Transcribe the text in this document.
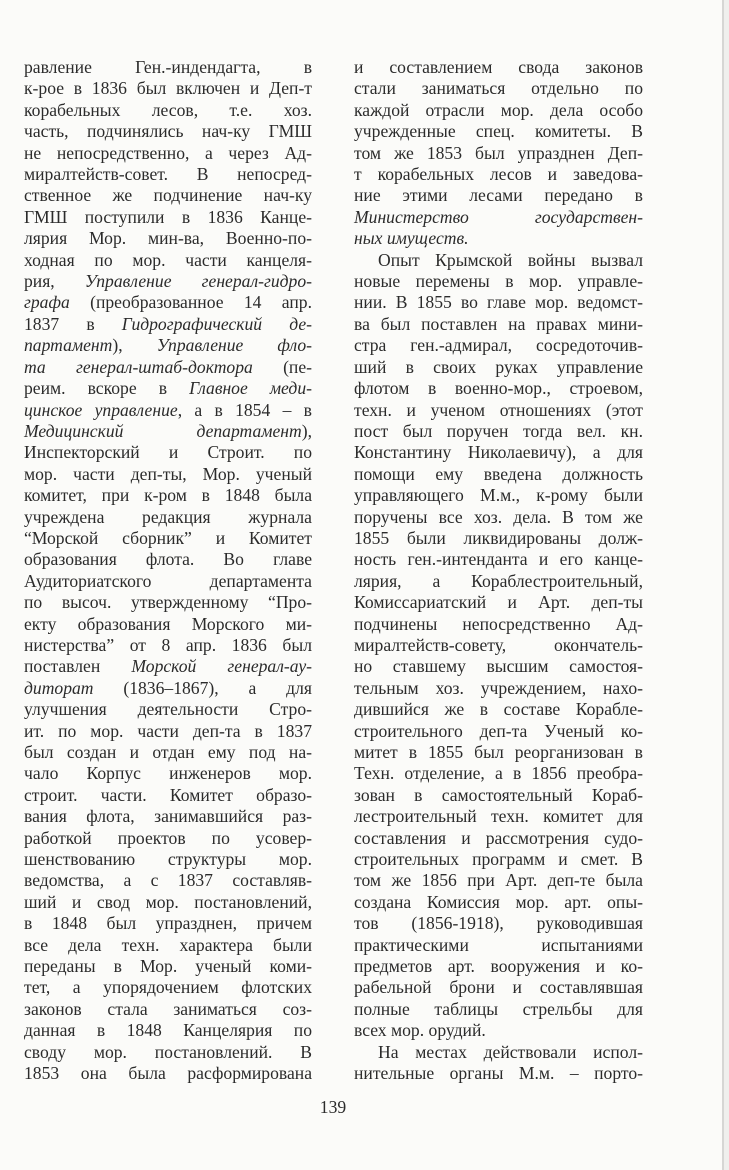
равление Ген.-индендагта, в
к-рое в 1836 был включен и Деп-т
корабельных лесов, т.е. хоз.
часть, подчинялись нач-ку ГМШ
не непосредственно, а через Ад-
миралтейств-совет. В непосред-
ственное же подчинение нач-ку
ГМШ поступили в 1836 Канце-
лярия Мор. мин-ва, Военно-по-
ходная по мор. части канцеля-
рия, Управление генерал-гидро-
графа (преобразованное 14 апр.
1837 в Гидрографический де-
партамент), Управление фло-
та генерал-штаб-доктора (пе-
реим. вскоре в Главное меди-
цинское управление, а в 1854 – в
Медицинский департамент),
Инспекторский и Строит. по
мор. части деп-ты, Мор. ученый
комитет, при к-ром в 1848 была
учреждена редакция журнала
“Морской сборник” и Комитет
образования флота. Во главе
Аудиториатского департамента
по высоч. утвержденному “Про-
екту образования Морского ми-
нистерства” от 8 апр. 1836 был
поставлен Морской генерал-ау-
диторат (1836–1867), а для
улучшения деятельности Стро-
ит. по мор. части деп-та в 1837
был создан и отдан ему под на-
чало Корпус инженеров мор.
строит. части. Комитет образо-
вания флота, занимавшийся раз-
работкой проектов по усовер-
шенствованию структуры мор.
ведомства, а с 1837 составляв-
ший и свод мор. постановлений,
в 1848 был упразднен, причем
все дела техн. характера были
переданы в Мор. ученый коми-
тет, а упорядочением флотских
законов стала заниматься соз-
данная в 1848 Канцелярия по
своду мор. постановлений. В
1853 она была расформирована
и составлением свода законов
стали заниматься отдельно по
каждой отрасли мор. дела особо
учрежденные спец. комитеты. В
том же 1853 был упразднен Деп-
т корабельных лесов и заведова-
ние этими лесами передано в
Министерство государствен-
ных имуществ.
Опыт Крымской войны вызвал
новые перемены в мор. управле-
нии. В 1855 во главе мор. ведомст-
ва был поставлен на правах мини-
стра ген.-адмирал, сосредоточив-
ший в своих руках управление
флотом в военно-мор., строевом,
техн. и ученом отношениях (этот
пост был поручен тогда вел. кн.
Константину Николаевичу), а для
помощи ему введена должность
управляющего М.м., к-рому были
поручены все хоз. дела. В том же
1855 были ликвидированы долж-
ность ген.-интенданта и его канце-
лярия, а Кораблестроительный,
Комиссариатский и Арт. деп-ты
подчинены непосредственно Ад-
миралтейств-совету, окончатель-
но ставшему высшим самостоя-
тельным хоз. учреждением, нахо-
дившийся же в составе Корабле-
строительного деп-та Ученый ко-
митет в 1855 был реорганизован в
Техн. отделение, а в 1856 преобра-
зован в самостоятельный Кораб-
лестроительный техн. комитет для
составления и рассмотрения судо-
строительных программ и смет. В
том же 1856 при Арт. деп-те была
создана Комиссия мор. арт. опы-
тов (1856-1918), руководившая
практическими испытаниями
предметов арт. вооружения и ко-
рабельной брони и составлявшая
полные таблицы стрельбы для
всех мор. орудий.
На местах действовали испол-
нительные органы М.м. – порто-
139
